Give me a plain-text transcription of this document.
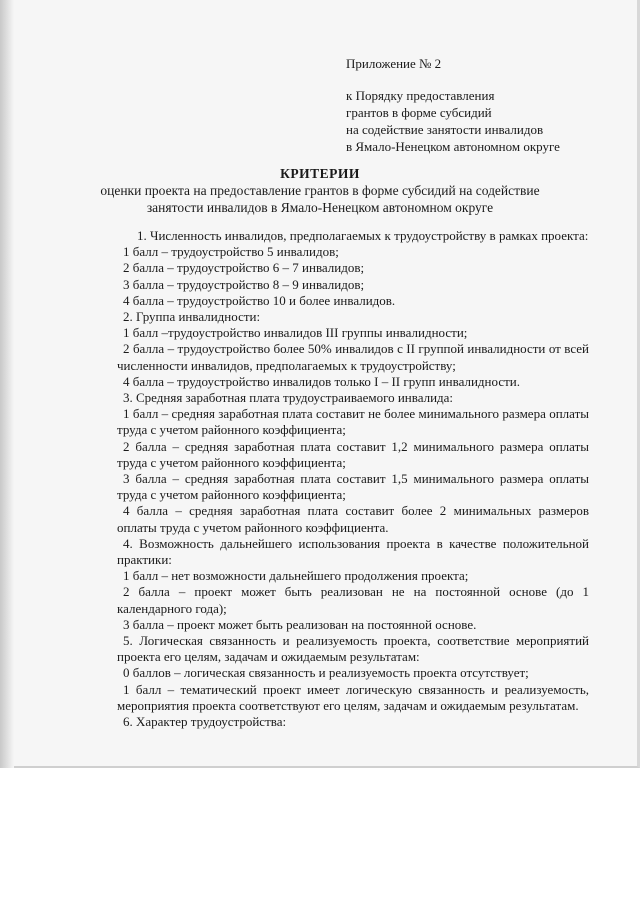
Приложение № 2
к Порядку предоставления
грантов в форме субсидий
на содействие занятости инвалидов
в Ямало-Ненецком автономном округе
КРИТЕРИИ
оценки проекта на предоставление грантов в форме субсидий на содействие
занятости инвалидов в Ямало-Ненецком автономном округе

1. Численность инвалидов, предполагаемых к трудоустройству в рамках проекта:

1 балл – трудоустройство 5 инвалидов;

2 балла – трудоустройство 6 – 7 инвалидов;

3 балла – трудоустройство 8 – 9 инвалидов;

4 балла – трудоустройство 10 и более инвалидов.

2. Группа инвалидности:

1 балл –трудоустройство инвалидов III группы инвалидности;

2 балла – трудоустройство более 50% инвалидов с II группой инвалидности от всей численности инвалидов, предполагаемых к трудоустройству;

4 балла – трудоустройство инвалидов только I – II групп инвалидности.

3. Средняя заработная плата трудоустраиваемого инвалида:

1 балл – средняя заработная плата составит не более минимального размера оплаты труда с учетом районного коэффициента;

2 балла – средняя заработная плата составит 1,2 минимального размера оплаты труда с учетом районного коэффициента;

3 балла – средняя заработная плата составит 1,5 минимального размера оплаты труда с учетом районного коэффициента;

4 балла – средняя заработная плата составит более 2 минимальных размеров оплаты труда с учетом районного коэффициента.

4. Возможность дальнейшего использования проекта в качестве положительной практики:

1 балл – нет возможности дальнейшего продолжения проекта;

2 балла – проект может быть реализован не на постоянной основе (до 1 календарного года);

3 балла – проект может быть реализован на постоянной основе.

5. Логическая связанность и реализуемость проекта, соответствие мероприятий проекта его целям, задачам и ожидаемым результатам:

0 баллов – логическая связанность и реализуемость проекта отсутствует;

1 балл – тематический проект имеет логическую связанность и реализуемость, мероприятия проекта соответствуют его целям, задачам и ожидаемым результатам.

6. Характер трудоустройства:
